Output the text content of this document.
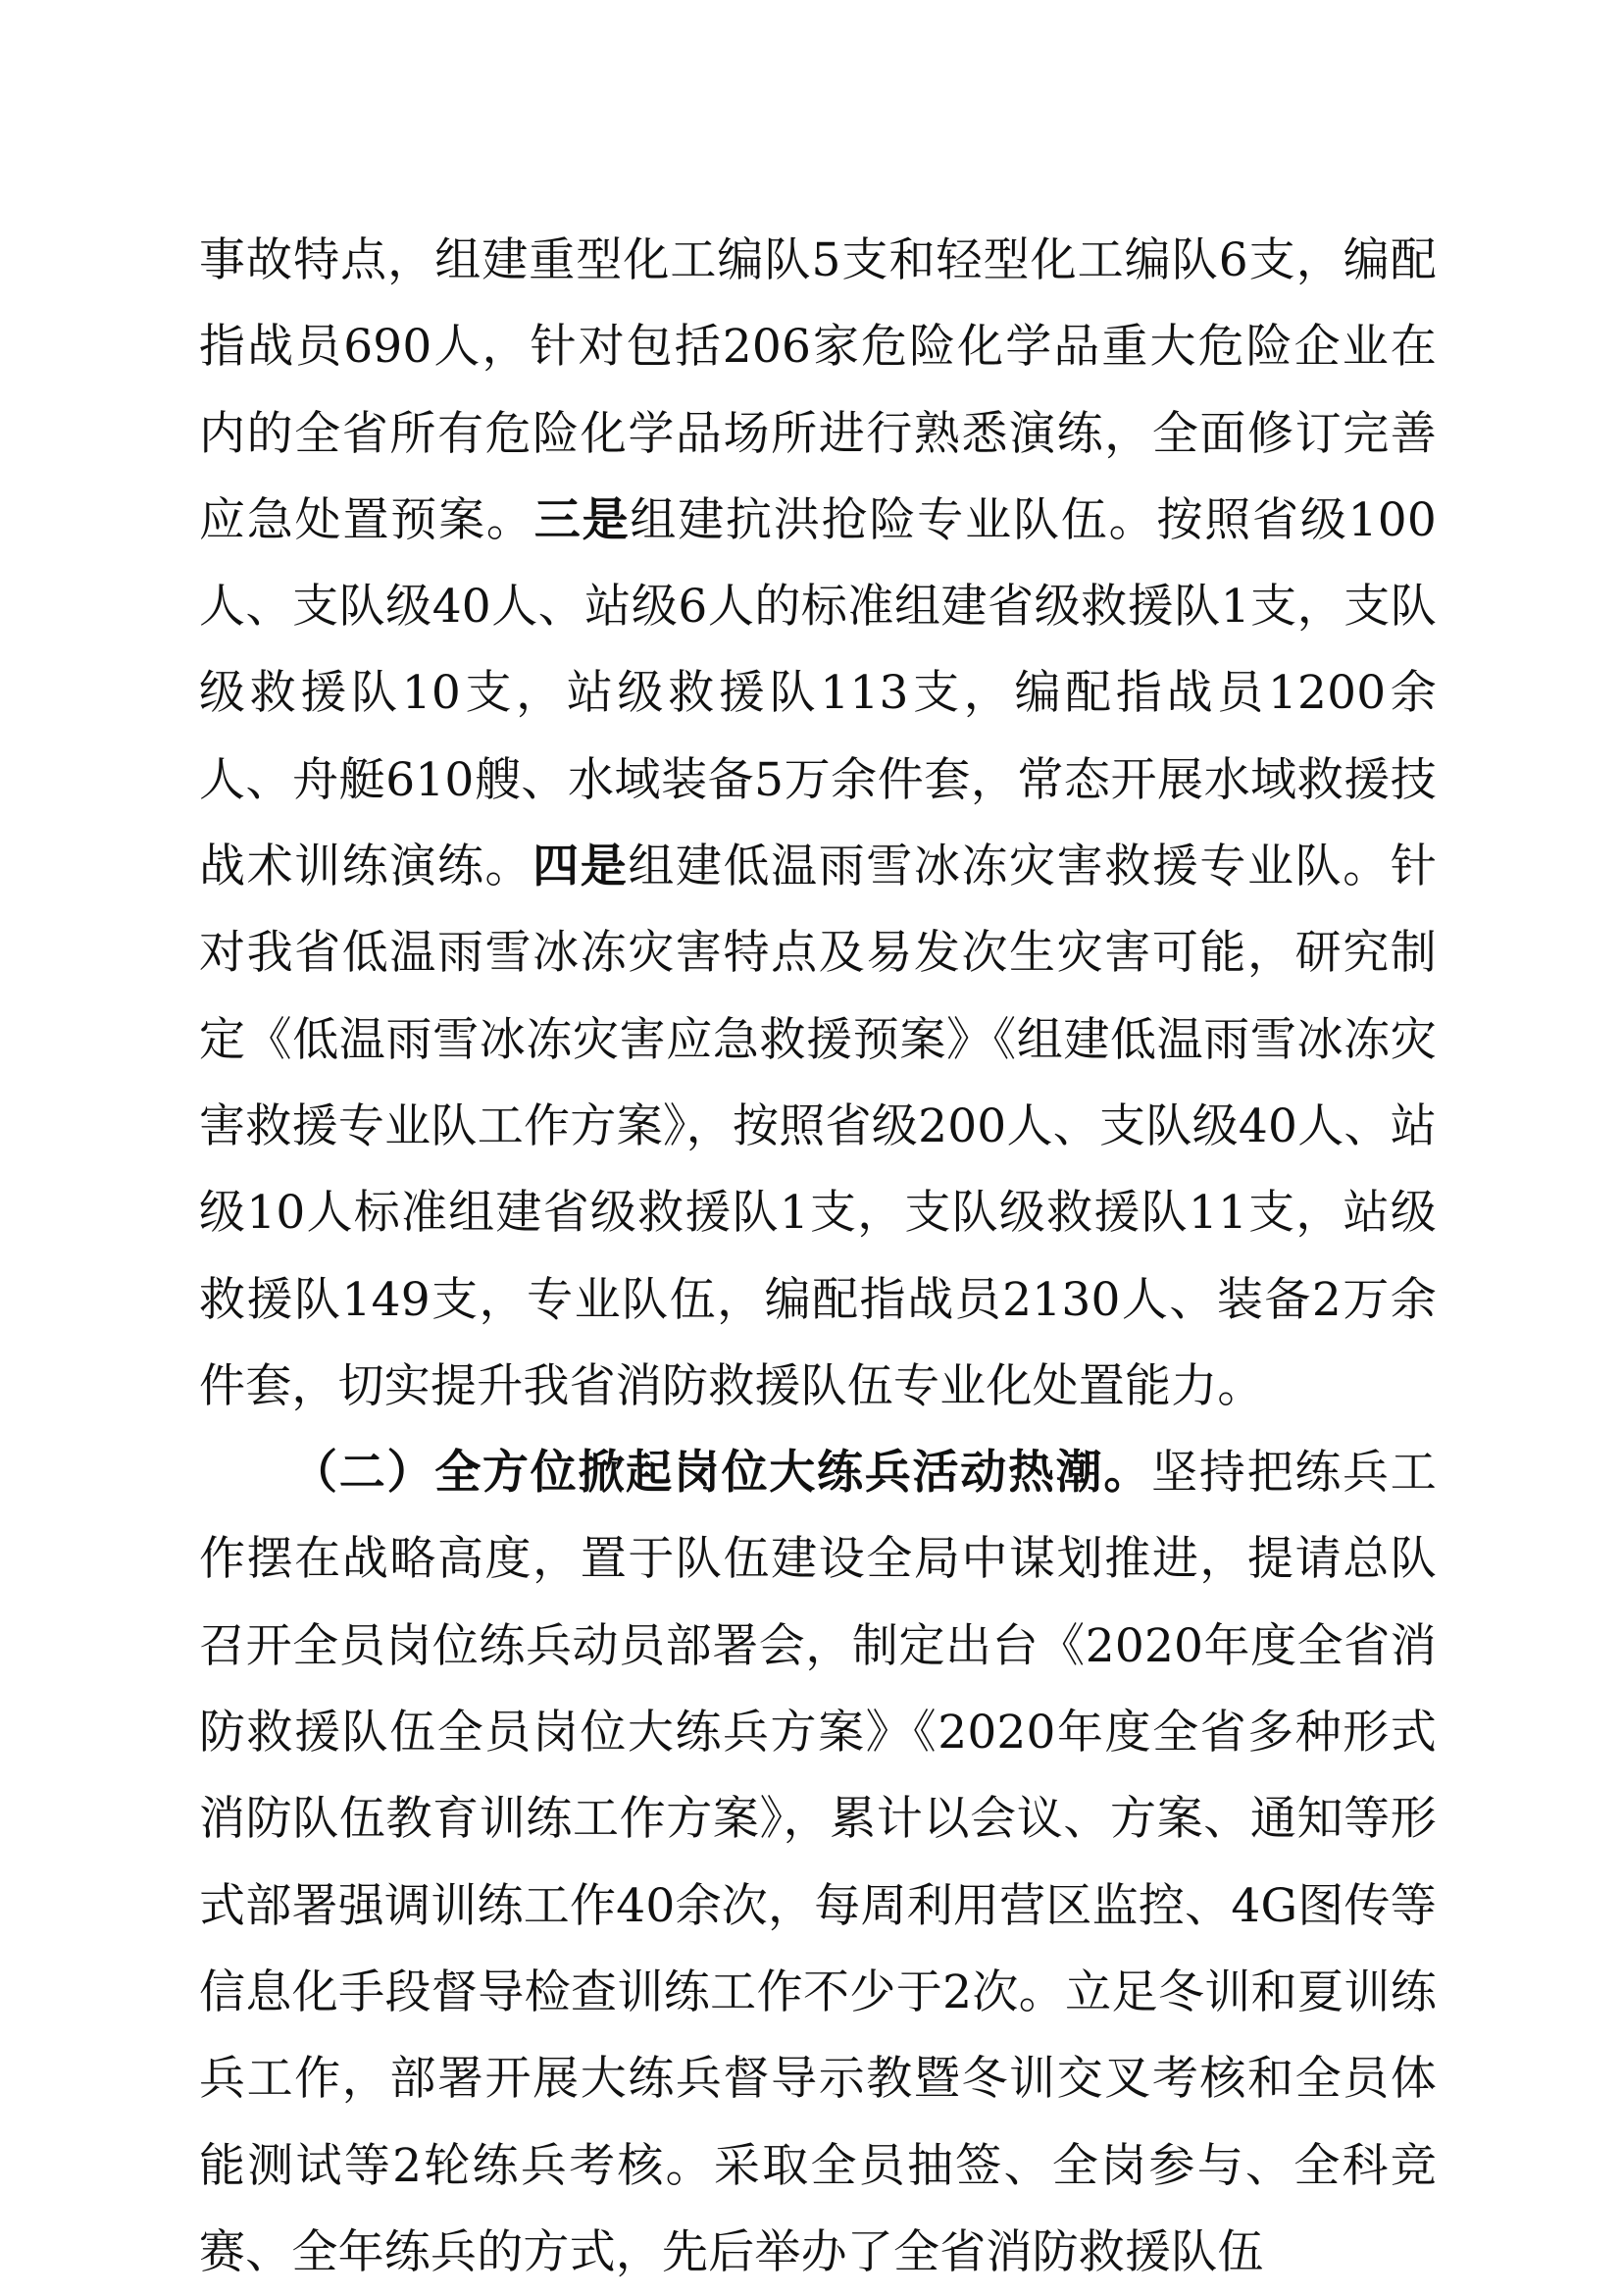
事故特点，组建重型化工编队5支和轻型化工编队6支，编配指战员690人，针对包括206家危险化学品重大危险企业在内的全省所有危险化学品场所进行熟悉演练，全面修订完善应急处置预案。三是组建抗洪抢险专业队伍。按照省级100人、支队级40人、站级6人的标准组建省级救援队1支，支队级救援队10支，站级救援队113支，编配指战员1200余人、舟艇610艘、水域装备5万余件套，常态开展水域救援技战术训练演练。四是组建低温雨雪冰冻灾害救援专业队。针对我省低温雨雪冰冻灾害特点及易发次生灾害可能，研究制定《低温雨雪冰冻灾害应急救援预案》《组建低温雨雪冰冻灾害救援专业队工作方案》，按照省级200人、支队级40人、站级10人标准组建省级救援队1支，支队级救援队11支，站级救援队149支，专业队伍，编配指战员2130人、装备2万余件套，切实提升我省消防救援队伍专业化处置能力。

（二）全方位掀起岗位大练兵活动热潮。坚持把练兵工作摆在战略高度，置于队伍建设全局中谋划推进，提请总队召开全员岗位练兵动员部署会，制定出台《2020年度全省消防救援队伍全员岗位大练兵方案》《2020年度全省多种形式消防队伍教育训练工作方案》，累计以会议、方案、通知等形式部署强调训练工作40余次，每周利用营区监控、4G图传等信息化手段督导检查训练工作不少于2次。立足冬训和夏训练兵工作，部署开展大练兵督导示教暨冬训交叉考核和全员体能测试等2轮练兵考核。采取全员抽签、全岗参与、全科竞赛、全年练兵的方式，先后举办了全省消防救援队伍
